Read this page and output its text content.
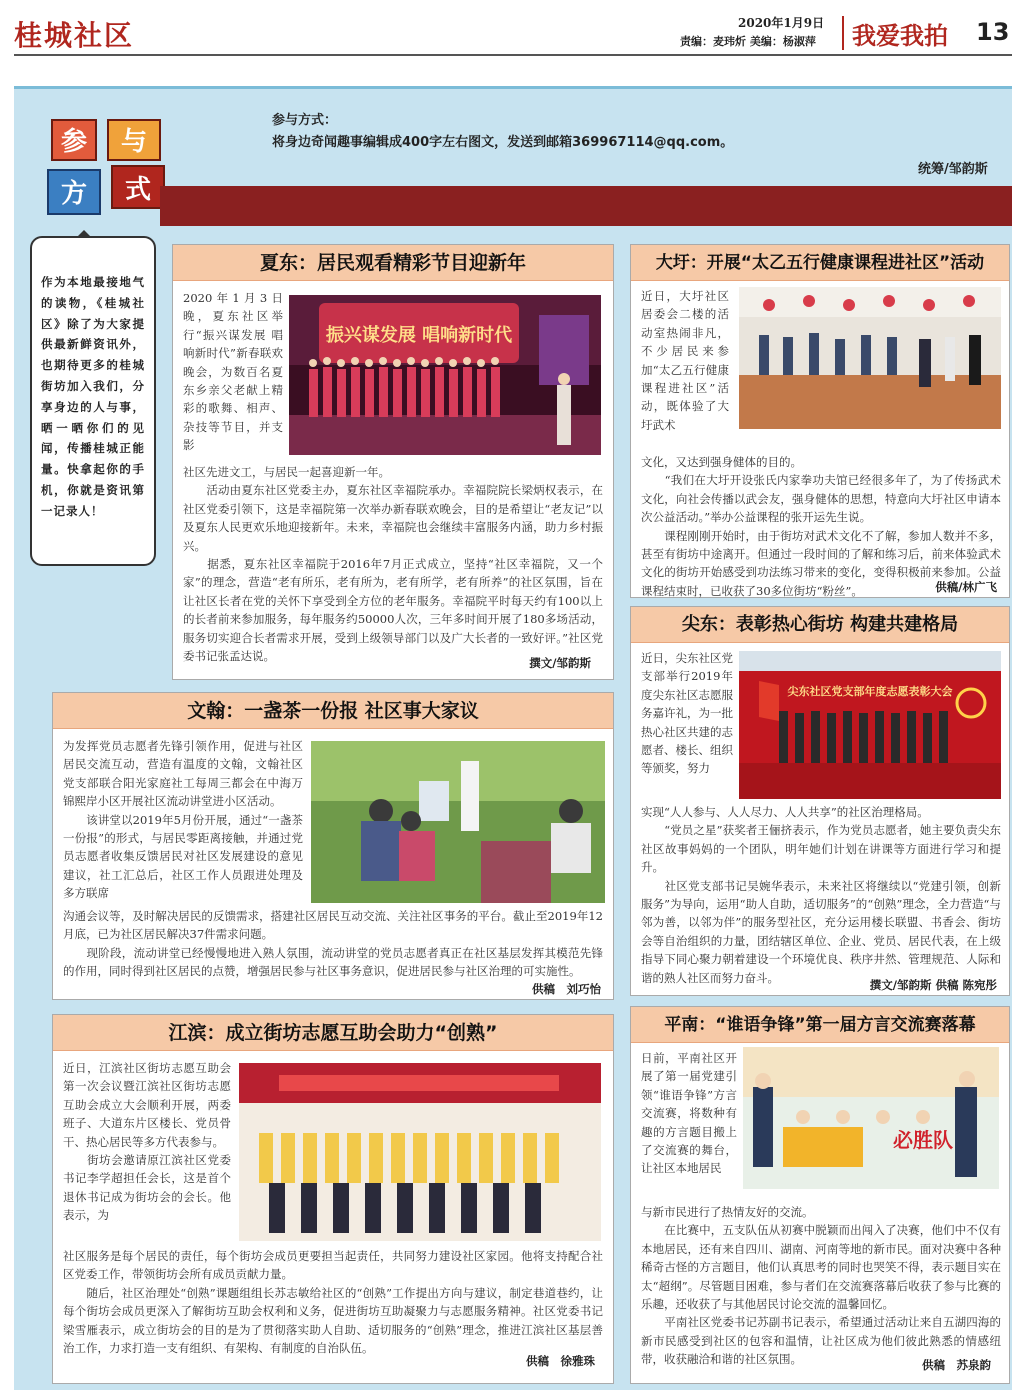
桂城社区	2020年1月9日
责编：麦玮炘 美编：杨淑萍 我爱我拍 13
参 与
方 式
参与方式：
将身边奇闻趣事编辑成400字左右图文，发送到邮箱369967114@qq.com。
统筹/邹韵斯
作为本地最接地气的读物，《桂城社区》除了为大家提供最新鲜资讯外，也期待更多的桂城街坊加入我们，分享身边的人与事，晒一晒你们的见闻，传播桂城正能量。快拿起你的手机，你就是资讯第一记录人！
夏东：居民观看精彩节目迎新年
2020年1月3日晚，夏东社区举行“振兴谋发展 唱响新时代”新春联欢晚会，为数百名夏东乡亲父老献上精彩的歌舞、相声、杂技等节目，并支影
振兴谋发展 唱响新时代
社区先进文工，与居民一起喜迎新一年。
　　活动由夏东社区党委主办，夏东社区幸福院承办。幸福院院长梁炳权表示，在社区党委引领下，这是幸福院第一次举办新春联欢晚会，目的是希望让“老友记”以及夏东人民更欢乐地迎接新年。未来，幸福院也会继续丰富服务内涵，助力乡村振兴。
　　据悉，夏东社区幸福院于2016年7月正式成立，坚持“社区幸福院，又一个家”的理念，营造“老有所乐，老有所为，老有所学，老有所养”的社区氛围，旨在让社区长者在党的关怀下享受到全方位的老年服务。幸福院平时每天约有100以上的长者前来参加服务，每年服务约50000人次，三年多时间开展了180多场活动，服务切实迎合长者需求开展，受到上级领导部门以及广大长者的一致好评。”社区党委书记张孟达说。	撰文/邹韵斯
大圩：开展“太乙五行健康课程进社区”活动
近日，大圩社区居委会二楼的活动室热闹非凡，不少居民来参加“太乙五行健康课程进社区”活动，既体验了大圩武术
文化，又达到强身健体的目的。
　　“我们在大圩开设张氏内家拳功夫馆已经很多年了，为了传扬武术文化，向社会传播以武会友，强身健体的思想，特意向大圩社区申请本次公益活动。”举办公益课程的张开运先生说。
　　课程刚刚开始时，由于街坊对武术文化不了解，参加人数并不多，甚至有街坊中途离开。但通过一段时间的了解和练习后，前来体验武术文化的街坊开始感受到功法练习带来的变化，变得积极前来参加。公益课程结束时，已收获了30多位街坊“粉丝”。	供稿/林广飞
尖东：表彰热心街坊 构建共建格局
近日，尖东社区党支部举行2019年度尖东社区志愿服务嘉许礼，为一批热心社区共建的志愿者、楼长、组织等颁奖，努力
尖东社区党支部年度志愿表彰大会
实现“人人参与、人人尽力、人人共享”的社区治理格局。
　　“党员之星”获奖者王俪挤表示，作为党员志愿者，她主要负责尖东社区故事妈妈的一个团队，明年她们计划在讲课等方面进行学习和提升。
　　社区党支部书记吴婉华表示，未来社区将继续以“党建引领，创新服务”为导向，运用“助人自助，适切服务”的“创熟”理念，全力营造“与邻为善，以邻为伴”的服务型社区，充分运用楼长联盟、书香会、街坊会等自治组织的力量，团结辖区单位、企业、党员、居民代表，在上级指导下同心聚力朝着建设一个环境优良、秩序井然、管理规范、人际和谐的熟人社区而努力奋斗。
撰文/邹韵斯 供稿 陈宛彤
文翰：一盏茶一份报 社区事大家议
为发挥党员志愿者先锋引领作用，促进与社区居民交流互动，营造有温度的文翰，文翰社区党支部联合阳光家庭社工每周三都会在中海万锦熙岸小区开展社区流动讲堂进小区活动。
　　该讲堂以2019年5月份开展，通过“一盏茶一份报”的形式，与居民零距离接触，并通过党员志愿者收集反馈居民对社区发展建设的意见建议，社工汇总后，社区工作人员跟进处理及多方联席
沟通会议等，及时解决居民的反馈需求，搭建社区居民互动交流、关注社区事务的平台。截止至2019年12月底，已为社区居民解决37件需求问题。
　　现阶段，流动讲堂已经慢慢地进入熟人氛围，流动讲堂的党员志愿者真正在社区基层发挥其模范先锋的作用，同时得到社区居民的点赞，增强居民参与社区事务意识，促进居民参与社区治理的可实施性。
供稿　刘巧怡
江滨：成立街坊志愿互助会助力“创熟”
近日，江滨社区街坊志愿互助会第一次会议暨江滨社区街坊志愿互助会成立大会顺利开展，两委班子、大道东片区楼长、党员骨干、热心居民等多方代表参与。
　　街坊会邀请原江滨社区党委书记李学超担任会长，这是首个退休书记成为街坊会的会长。他表示，为
社区服务是每个居民的责任，每个街坊会成员更要担当起责任，共同努力建设社区家园。他将支持配合社区党委工作，带领街坊会所有成员贡献力量。
　　随后，社区治理处“创熟”课题组组长苏志敏给社区的“创熟”工作提出方向与建议，制定巷道巷约，让每个街坊会成员更深入了解街坊互助会权利和义务，促进街坊互助凝聚力与志愿服务精神。社区党委书记梁雪雁表示，成立街坊会的目的是为了贯彻落实助人自助、适切服务的“创熟”理念，推进江滨社区基层善治工作，力求打造一支有组织、有架构、有制度的自治队伍。
供稿　徐雅珠
平南：“谁语争锋”第一届方言交流赛落幕
日前，平南社区开展了第一届党建引领“谁语争锋”方言交流赛，将数种有趣的方言题目搬上了交流赛的舞台，让社区本地居民
必胜队
与新市民进行了热情友好的交流。
　　在比赛中，五支队伍从初赛中脱颖而出闯入了决赛，他们中不仅有本地居民，还有来自四川、湖南、河南等地的新市民。面对决赛中各种稀奇古怪的方言题目，他们认真思考的同时也哭笑不得，表示题目实在太“超纲”。尽管题目困难，参与者们在交流赛落幕后收获了参与比赛的乐趣，还收获了与其他居民讨论交流的温馨回忆。
　　平南社区党委书记苏副书记表示，希望通过活动让来自五湖四海的新市民感受到社区的包容和温情，让社区成为他们彼此熟悉的情感纽带，收获融洽和谐的社区氛围。	供稿　苏泉韵
